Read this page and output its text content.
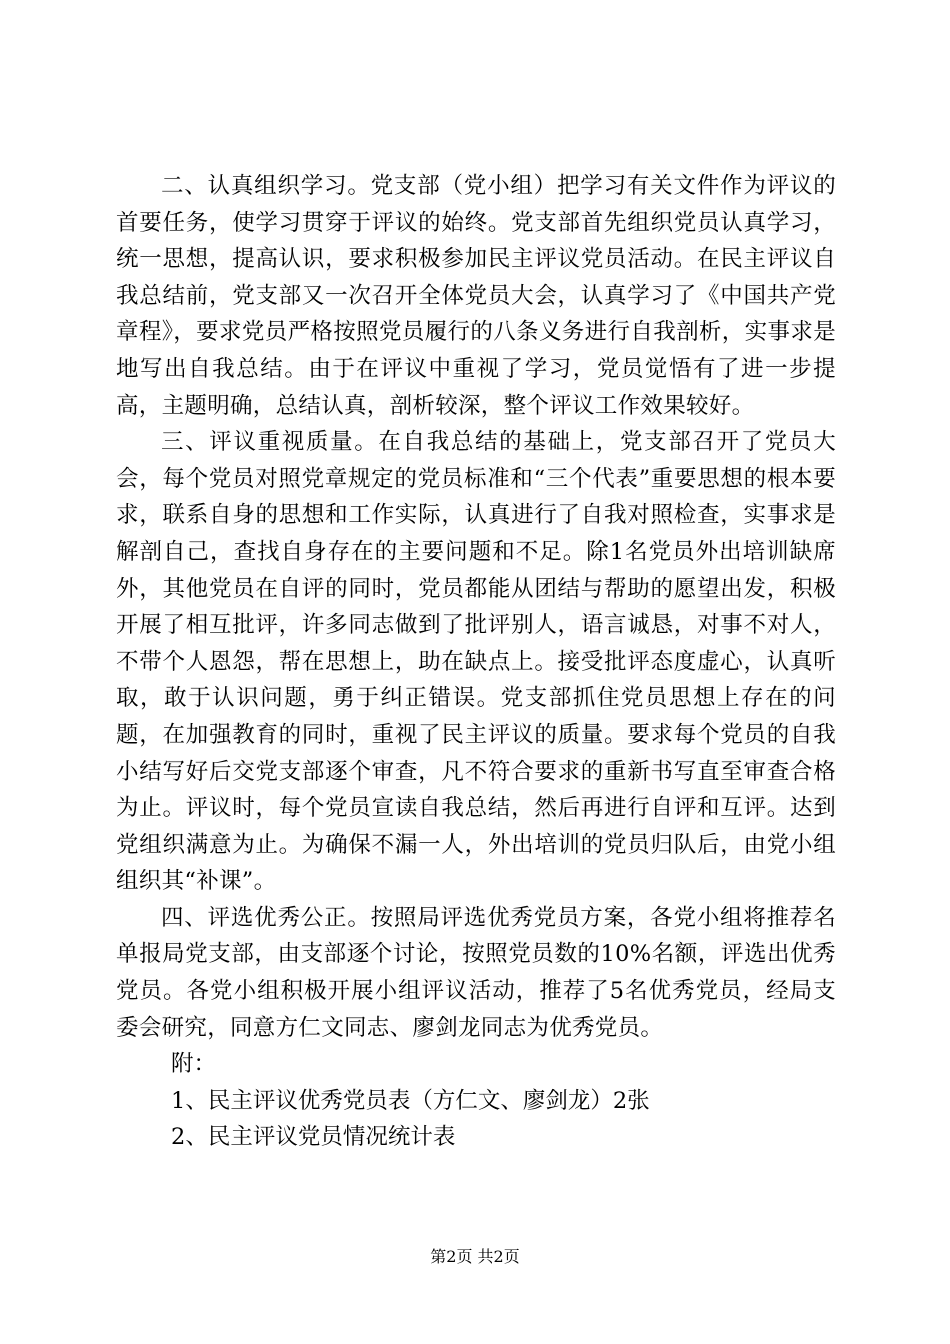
二、认真组织学习。党支部（党小组）把学习有关文件作为评议的首要任务，使学习贯穿于评议的始终。党支部首先组织党员认真学习，统一思想，提高认识，要求积极参加民主评议党员活动。在民主评议自我总结前，党支部又一次召开全体党员大会，认真学习了《中国共产党章程》，要求党员严格按照党员履行的八条义务进行自我剖析，实事求是地写出自我总结。由于在评议中重视了学习，党员觉悟有了进一步提高，主题明确，总结认真，剖析较深，整个评议工作效果较好。

三、评议重视质量。在自我总结的基础上，党支部召开了党员大会，每个党员对照党章规定的党员标准和“三个代表”重要思想的根本要求，联系自身的思想和工作实际，认真进行了自我对照检查，实事求是解剖自己，查找自身存在的主要问题和不足。除1名党员外出培训缺席外，其他党员在自评的同时，党员都能从团结与帮助的愿望出发，积极开展了相互批评，许多同志做到了批评别人，语言诚恳，对事不对人，不带个人恩怨，帮在思想上，助在缺点上。接受批评态度虚心，认真听取，敢于认识问题，勇于纠正错误。党支部抓住党员思想上存在的问题，在加强教育的同时，重视了民主评议的质量。要求每个党员的自我小结写好后交党支部逐个审查，凡不符合要求的重新书写直至审查合格为止。评议时，每个党员宣读自我总结，然后再进行自评和互评。达到党组织满意为止。为确保不漏一人，外出培训的党员归队后，由党小组组织其“补课”。

四、评选优秀公正。按照局评选优秀党员方案，各党小组将推荐名单报局党支部，由支部逐个讨论，按照党员数的10%名额，评选出优秀党员。各党小组积极开展小组评议活动，推荐了5名优秀党员，经局支委会研究，同意方仁文同志、廖剑龙同志为优秀党员。

附：

1、民主评议优秀党员表（方仁文、廖剑龙）2张

2、民主评议党员情况统计表

第2页 共2页
